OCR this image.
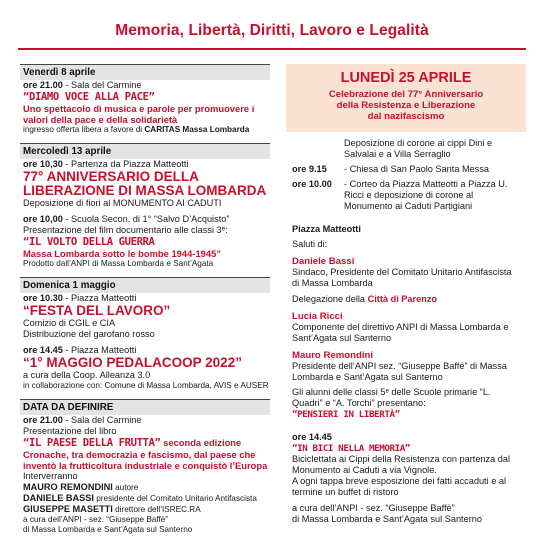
Memoria, Libertà, Diritti, Lavoro e Legalità
Venerdì 8 aprile
ore 21.00 - Sala del Carmine
“DIAMO VOCE ALLA PACE”
Uno spettacolo di musica e parole per promuovere i valori della pace e della solidarietà
ingresso offerta libera a favore di CARITAS Massa Lombarda
Mercoledì 13 aprile
ore 10,30 - Partenza da Piazza Matteotti
77° ANNIVERSARIO DELLA LIBERAZIONE DI MASSA LOMBARDA
Deposizione di fiori al MONUMENTO AI CADUTI
ore 10,00 - Scuola Secon. di 1° “Salvo D’Acquisto”
Presentazione del film documentario alle classi 3ᵉ:
“IL VOLTO DELLA GUERRA
Massa Lombarda sotto le bombe 1944-1945”
Prodotto dall’ANPI di Massa Lombarda e Sant’Agata
Domenica 1 maggio
ore 10.30 - Piazza Matteotti
“FESTA DEL LAVORO”
Comizio di CGIL e CIA
Distribuzione del garofano rosso
ore 14.45 - Piazza Matteotti
“1° MAGGIO PEDALACOOP 2022”
a cura della Coop. Alleanza 3.0
in collaborazione con: Comune di Massa Lombarda, AVIS e AUSER
DATA DA DEFINIRE
ore 21.00 - Sala del Carmine
Presentazione del libro
“IL PAESE DELLA FRUTTA” seconda edizione
Cronache, tra democrazia e fascismo, dal paese che inventò la frutticoltura industriale e conquistò l’Europa
Interverranno
MAURO REMONDINI autore
DANIELE BASSI presidente del Comitato Unitario Antifascista
GIUSEPPE MASETTI direttore dell’ISREC.RA
a cura dell’ANPI - sez. “Giuseppe Baffè”
di Massa Lombarda e Sant’Agata sul Santerno
LUNEDÌ 25 APRILE
Celebrazione del 77° Anniversario
della Resistenza e Liberazione
dal nazifascismo
Deposizione di corone ai cippi Dini e Salvalai e a Villa Serraglio
ore 9.15	- Chiesa di San Paolo Santa Messa
ore 10.00	- Corteo da Piazza Matteotti a Piazza U. Ricci e deposizione di corone al Monumento ai Caduti Partigiani
Piazza Matteotti
Saluti di:
Daniele Bassi
Sindaco, Presidente del Comitato Unitario Antifascista di Massa Lombarda
Delegazione della Città di Parenzo
Lucia Ricci
Componente del direttivo ANPI di Massa Lombarda e Sant’Agata sul Santerno
Mauro Remondini
Presidente dell’ANPI sez. “Giuseppe Baffè” di Massa Lombarda e Sant’Agata sul Santerno
Gli alunni delle classi 5ᵉ delle Scuole primarie “L. Quadri” e “A. Torchi” presentano:
“PENSIERI IN LIBERTÀ”
ore 14.45
“IN BICI NELLA MEMORIA”
Biciclettata ai Cippi della Resistenza con partenza dal Monumento ai Caduti a via Vignole.
A ogni tappa breve esposizione dei fatti accaduti e al termine un buffet di ristoro
a cura dell’ANPI - sez. “Giuseppe Baffè”
di Massa Lombarda e Sant’Agata sul Santerno
